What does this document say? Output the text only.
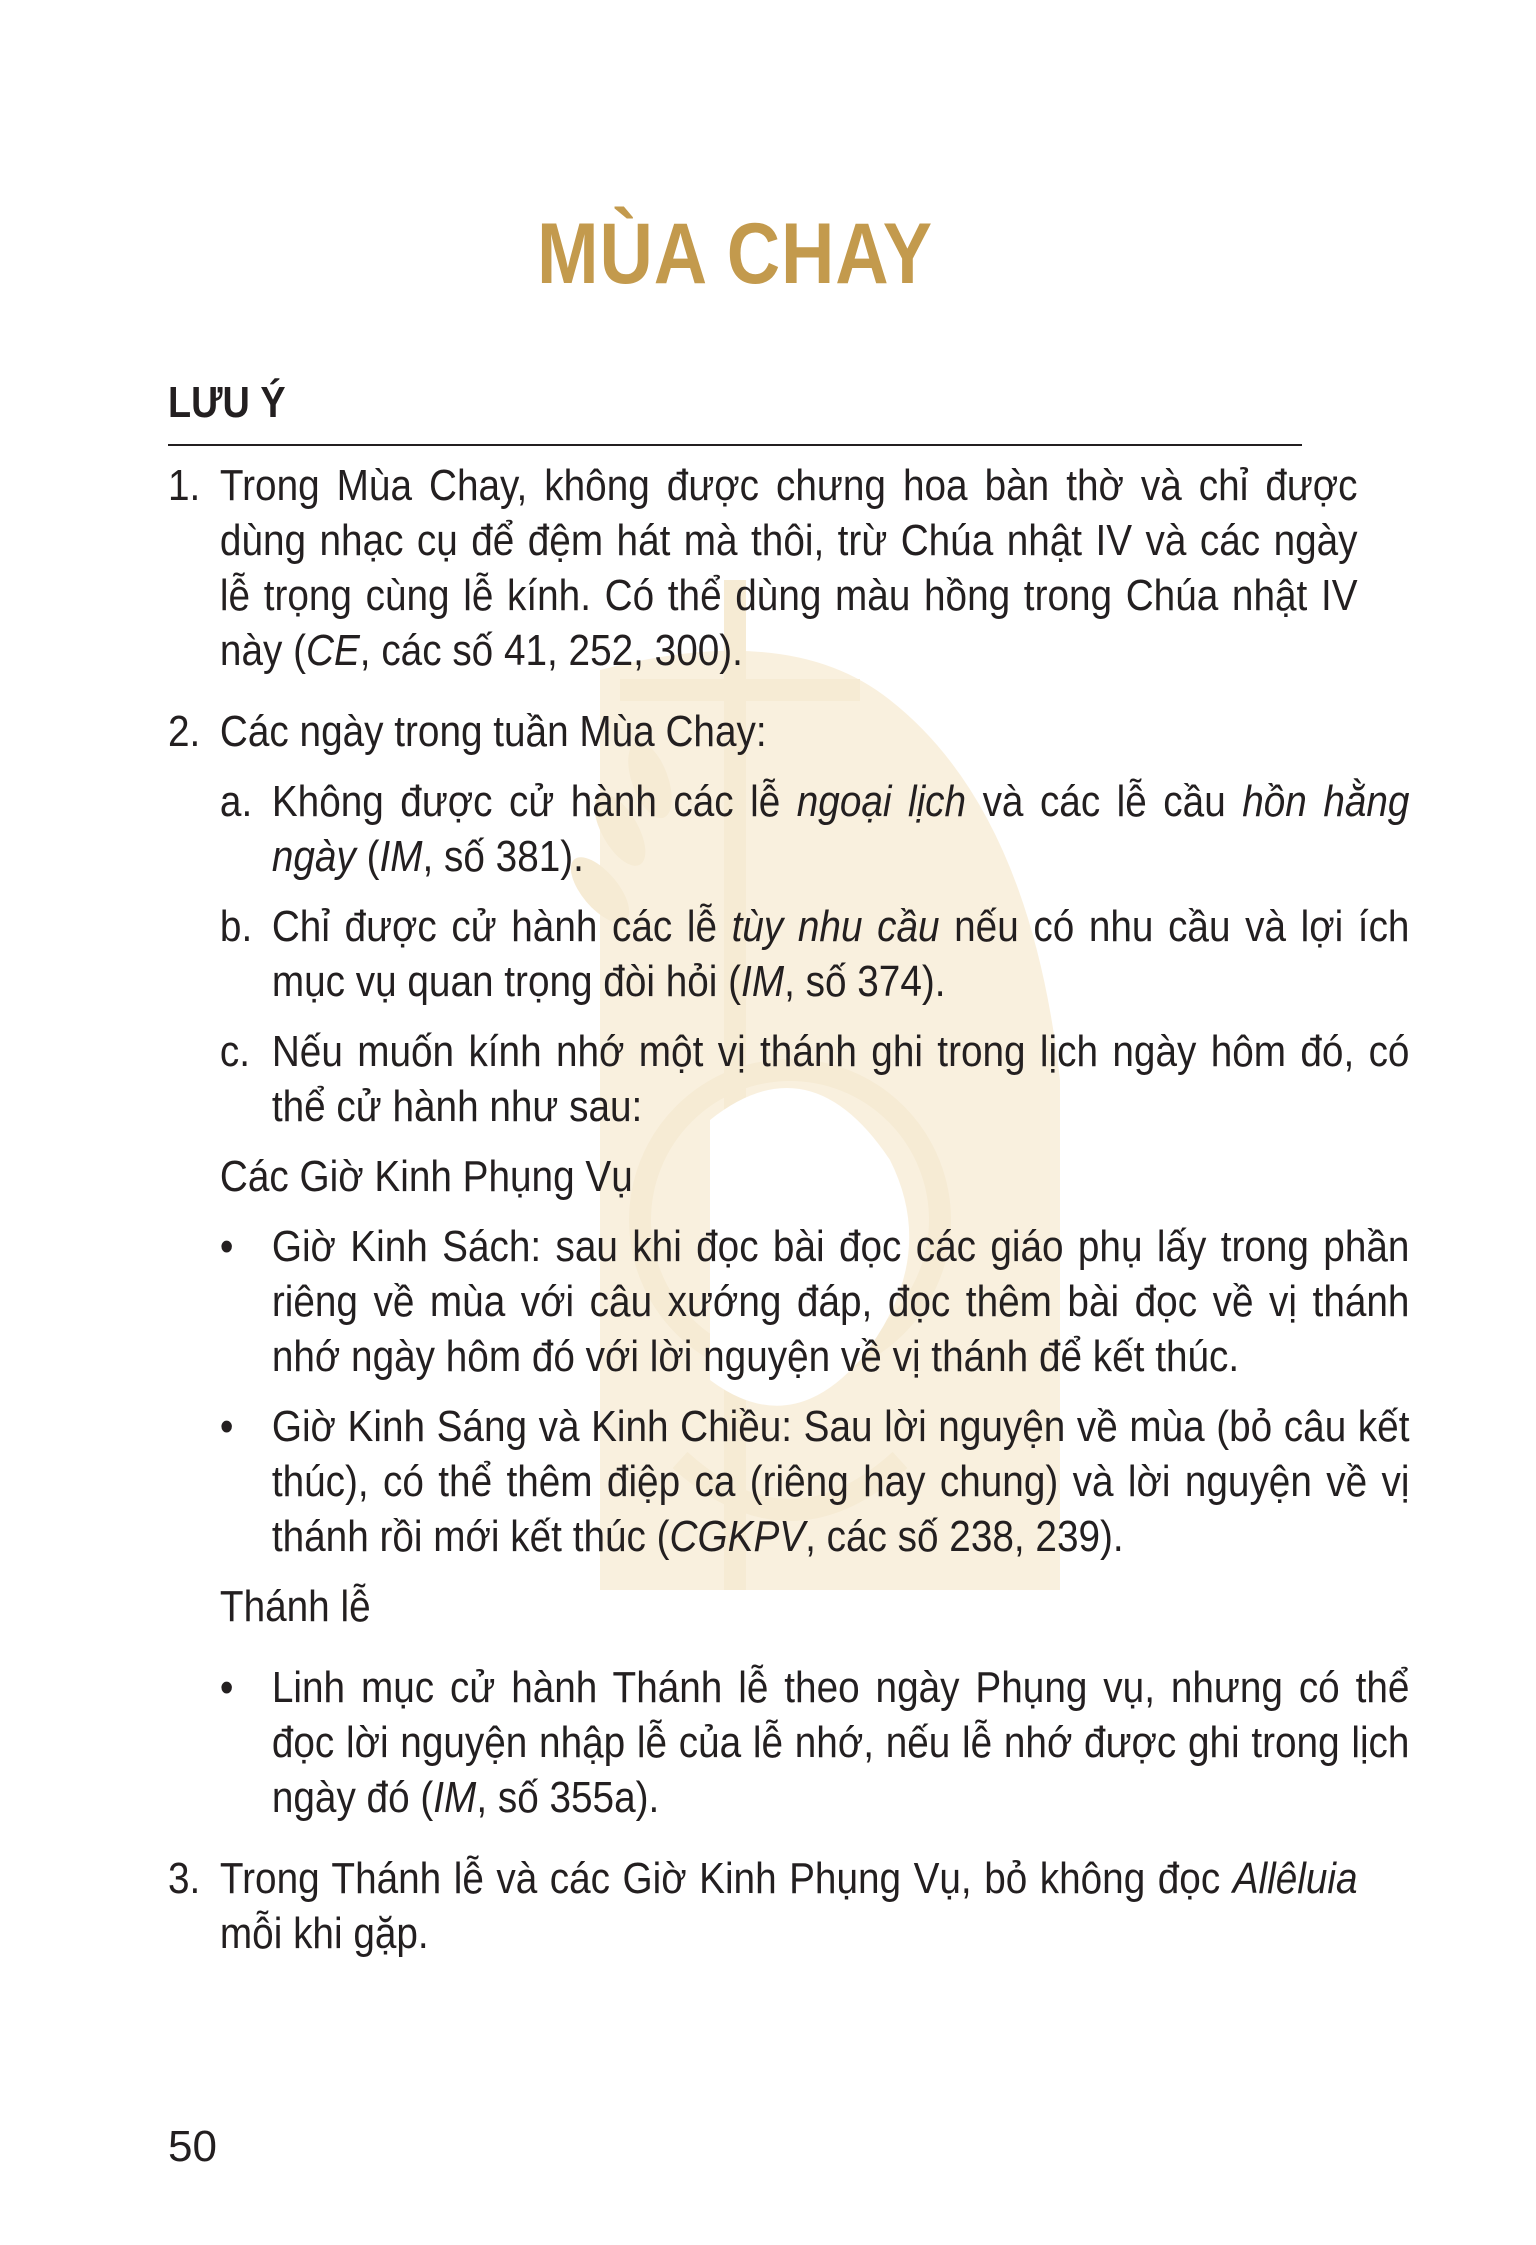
MÙA CHAY
LƯU Ý
1. Trong Mùa Chay, không được chưng hoa bàn thờ và chỉ được dùng nhạc cụ để đệm hát mà thôi, trừ Chúa nhật IV và các ngày lễ trọng cùng lễ kính. Có thể dùng màu hồng trong Chúa nhật IV này (CE, các số 41, 252, 300).
2. Các ngày trong tuần Mùa Chay:
a. Không được cử hành các lễ ngoại lịch và các lễ cầu hồn hằng ngày (IM, số 381).
b. Chỉ được cử hành các lễ tùy nhu cầu nếu có nhu cầu và lợi ích mục vụ quan trọng đòi hỏi (IM, số 374).
c. Nếu muốn kính nhớ một vị thánh ghi trong lịch ngày hôm đó, có thể cử hành như sau:
Các Giờ Kinh Phụng Vụ
• Giờ Kinh Sách: sau khi đọc bài đọc các giáo phụ lấy trong phần riêng về mùa với câu xướng đáp, đọc thêm bài đọc về vị thánh nhớ ngày hôm đó với lời nguyện về vị thánh để kết thúc.
• Giờ Kinh Sáng và Kinh Chiều: Sau lời nguyện về mùa (bỏ câu kết thúc), có thể thêm điệp ca (riêng hay chung) và lời nguyện về vị thánh rồi mới kết thúc (CGKPV, các số 238, 239).
Thánh lễ
• Linh mục cử hành Thánh lễ theo ngày Phụng vụ, nhưng có thể đọc lời nguyện nhập lễ của lễ nhớ, nếu lễ nhớ được ghi trong lịch ngày đó (IM, số 355a).
3. Trong Thánh lễ và các Giờ Kinh Phụng Vụ, bỏ không đọc Allêluia mỗi khi gặp.
50
